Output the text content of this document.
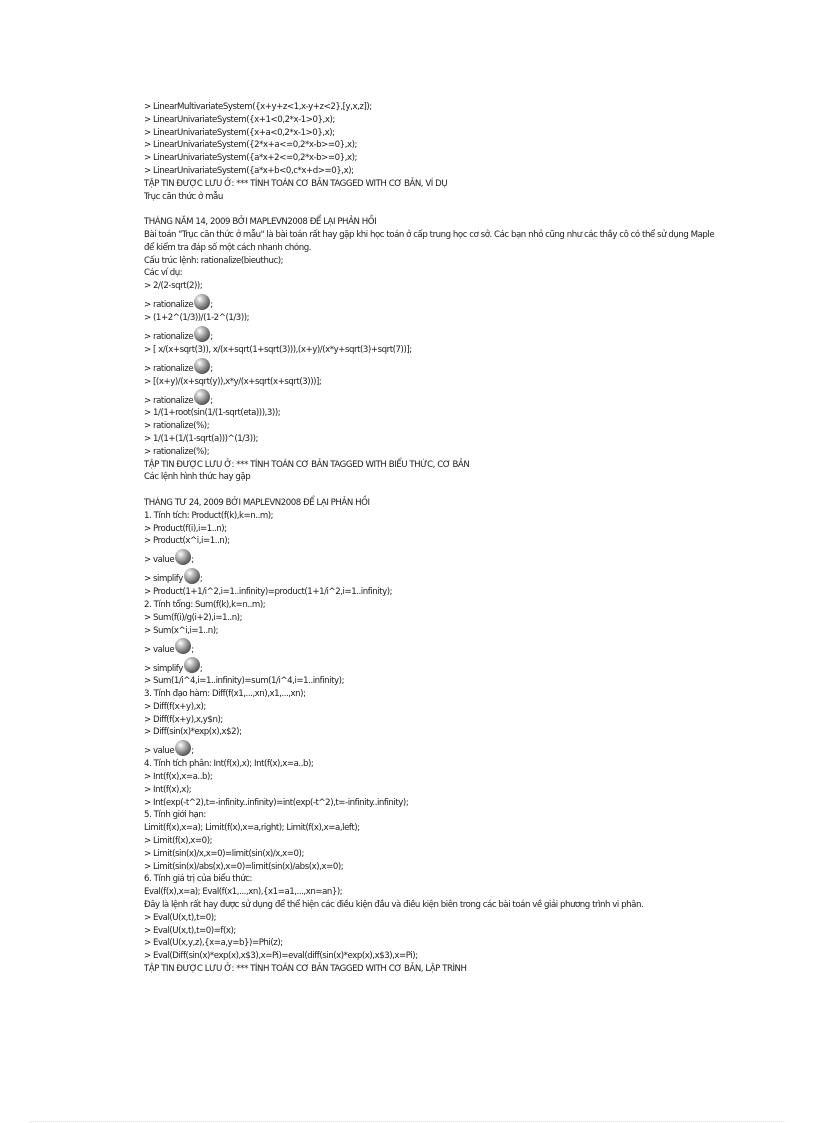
> LinearMultivariateSystem({x+y+z<1,x-y+z<2},[y,x,z]);
> LinearUnivariateSystem({x+1<0,2*x-1>0},x);
> LinearUnivariateSystem({x+a<0,2*x-1>0},x);
> LinearUnivariateSystem({2*x+a<=0,2*x-b>=0},x);
> LinearUnivariateSystem({a*x+2<=0,2*x-b>=0},x);
> LinearUnivariateSystem({a*x+b<0,c*x+d>=0},x);
TẬP TIN ĐƯỢC LƯU Ở: *** TÍNH TOÁN CƠ BẢN TAGGED WITH CƠ BẢN, VÍ DỤ
Trục căn thức ở mẫu
THÁNG NĂM 14, 2009 BỞI MAPLEVN2008 ĐỂ LẠI PHẢN HỒI
Bài toán "Trục căn thức ở mẫu" là bài toán rất hay gặp khi học toán ở cấp trung học cơ sở. Các bạn nhỏ cũng như các thầy cô có thể sử dụng Maple
để kiểm tra đáp số một cách nhanh chóng.
Cấu trúc lệnh: rationalize(bieuthuc);
Các ví dụ:
> 2/(2-sqrt(2));
> rationalize ;
> (1+2^(1/3))/(1-2^(1/3));
> rationalize ;
> [ x/(x+sqrt(3)), x/(x+sqrt(1+sqrt(3))),(x+y)/(x*y+sqrt(3)+sqrt(7))];
> rationalize ;
> [(x+y)/(x+sqrt(y)),x*y/(x+sqrt(x+sqrt(3)))];
> rationalize ;
> 1/(1+root(sin(1/(1-sqrt(eta))),3));
> rationalize(%);
> 1/(1+(1/(1-sqrt(a)))^(1/3));
> rationalize(%);
TẬP TIN ĐƯỢC LƯU Ở: *** TÍNH TOÁN CƠ BẢN TAGGED WITH BIỂU THỨC, CƠ BẢN
Các lệnh hình thức hay gặp
THÁNG TƯ 24, 2009 BỞI MAPLEVN2008 ĐỂ LẠI PHẢN HỒI
1. Tính tích: Product(f(k),k=n..m);
> Product(f(i),i=1..n);
> Product(x^i,i=1..n);
> value ;
> simplify ;
> Product(1+1/i^2,i=1..infinity)=product(1+1/i^2,i=1..infinity);
2. Tính tổng: Sum(f(k),k=n..m);
> Sum(f(i)/g(i+2),i=1..n);
> Sum(x^i,i=1..n);
> value ;
> simplify ;
> Sum(1/i^4,i=1..infinity)=sum(1/i^4,i=1..infinity);
3. Tính đạo hàm: Diff(f(x1,...,xn),x1,...,xn);
> Diff(f(x+y),x);
> Diff(f(x+y),x,y$n);
> Diff(sin(x)*exp(x),x$2);
> value ;
4. Tính tích phân: Int(f(x),x); Int(f(x),x=a..b);
> Int(f(x),x=a..b);
> Int(f(x),x);
> Int(exp(-t^2),t=-infinity..infinity)=int(exp(-t^2),t=-infinity..infinity);
5. Tính giới hạn:
Limit(f(x),x=a); Limit(f(x),x=a,right); Limit(f(x),x=a,left);
> Limit(f(x),x=0);
> Limit(sin(x)/x,x=0)=limit(sin(x)/x,x=0);
> Limit(sin(x)/abs(x),x=0)=limit(sin(x)/abs(x),x=0);
6. Tính giá trị của biểu thức:
Eval(f(x),x=a); Eval(f(x1,...,xn),{x1=a1,...,xn=an});
Đây là lệnh rất hay được sử dụng để thể hiện các điều kiện đầu và điều kiện biên trong các bài toán về giải phương trình vi phân.
> Eval(U(x,t),t=0);
> Eval(U(x,t),t=0)=f(x);
> Eval(U(x,y,z),{x=a,y=b})=Phi(z);
> Eval(Diff(sin(x)*exp(x),x$3),x=Pi)=eval(diff(sin(x)*exp(x),x$3),x=Pi);
TẬP TIN ĐƯỢC LƯU Ở: *** TÍNH TOÁN CƠ BẢN TAGGED WITH CƠ BẢN, LẬP TRÌNH
